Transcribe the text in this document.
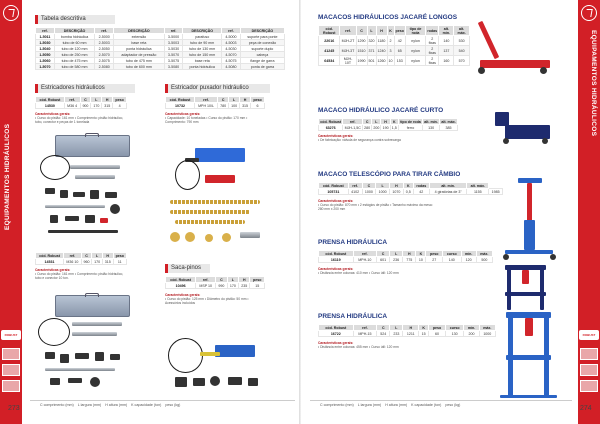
EQUIPAMENTOS HIDRÁULICOS
ROBUST
273
EQUIPAMENTOS HIDRÁULICOS
ROBUST
274
Tabela descritiva
ref.	DESCRIÇÃO	ref.	DESCRIÇÃO	ref.	DESCRIÇÃO	ref.	DESCRIÇÃO
1-5011	bomba hidráulica	2-5000	extensão	3-5000	parafuso	4-5000	suporte para ponte
1-5030	tubo de 60 mm	2-5003	base reta	3-5003	tubo de 90 mm	4-5003	peça de conexão
1-5040	tubo de 120 mm	2-5050	ponta hidráulica	3-5030	tubo de 130 mm	4-5030	suporte duplo
1-5050	tubo de 250 mm	2-5070	adaptador de pressão	3-5070	tubo de 150 mm	4-5070	cabeça
1-5060	tubo de 475 mm	2-5075	tubo de 475 mm	3-5075	base reta	4-5075	flange de garra
1-5070	tubo de 580 mm	2-5080	tubo de 600 mm	3-5080	ponta hidráulica	4-5080	ponta de garra
Estricadores hidráulicos
cód. Robust	ref.	C	L	H	peso
14530	M36 4	900	170	315	4
Características gerais:
• Curso do pistão: 161 mm • Comprimento: pistão hidráulico, tubo, conector e peças de 1 tonelada
cód. Robust	ref.	C	L	H	peso
14531	M36 10	960	170	315	11
Características gerais:
• Curso do pistão: 161 mm • Comprimento: pistão hidráulico, tubo e conector 10 ton.
Estricador puxador hidráulico
cód. Robust	ref.	C	L	H	peso
10732	MPH 10/L	780	100	315	6
Características gerais:
• Capacidade: 10 toneladas • Curso do pistão: 170 mm • Comprimento: 790 mm
Saca-pinos
cód. Robust	ref.	C	L	H	peso
10496	MSP 10	990	170	235	15
Características gerais:
• Curso do pistão: 125 mm • Diâmetro do pistão: 50 mm • Acessórios incluídos
C comprimento (mm) L largura (mm) H altura (mm) K capacidade (ton) peso (kg)
MACACOS HIDRÁULICOS JACARÉ LONGOS
cód. Robust	ref.	C	L	H	K	peso	tipo de roda	rodas	alt. mín.	alt. máx.
22016	MJH-2T	1290	320	1180	2	42	nylon	2 fixas	140	530
41245	MJH-3T	1510	371	1240	3	65	nylon	2 fixas	137	540
64534	MJH-10T	1990	501	1260	10	153	nylon	2 fixas	160	570
MACACO HIDRÁULICO JACARÉ CURTO
cód. Robust	ref.	C	L	H	K	tipo de roda	alt. mín.	alt. máx.
63276	MJH-1,5C	280	200	190	1,5	ferro	130	385
Características gerais:
• De fabricação: válvula de segurança contra sobrecarga
MACACO TELESCÓPIO PARA TIRAR CÂMBIO
cód. Robust	ref.	C	L	H	K	rodas	alt. mín.	alt. máx.	
105731	4102	1000	1000	1070	0,5	42	4 giratórias de 3"	1155	1985
Características gerais:
• Curso do pistão: 870 mm • 2 estágios de pistão • Tamanho máximo da mesa: 280 mm x 200 mm
PRENSA HIDRÁULICA
cód. Robust	ref.	C	L	H	K	peso	curso	mín.	máx.
16119	MPH-10	601	236	775	10	27	140	120	500
Características gerais:
• Distância entre colunas: 410 mm • Curso útil: 120 mm
PRENSA HIDRÁULICA
cód. Robust	ref.	C	L	H	K	peso	curso	mín.	máx.
16722	MPH-15	524	233	1211	15	60	130	200	1000
Características gerais:
• Distância entre colunas: 455 mm • Curso útil: 120 mm
C comprimento (mm) L largura (mm) H altura (mm) K capacidade (ton) peso (kg)
